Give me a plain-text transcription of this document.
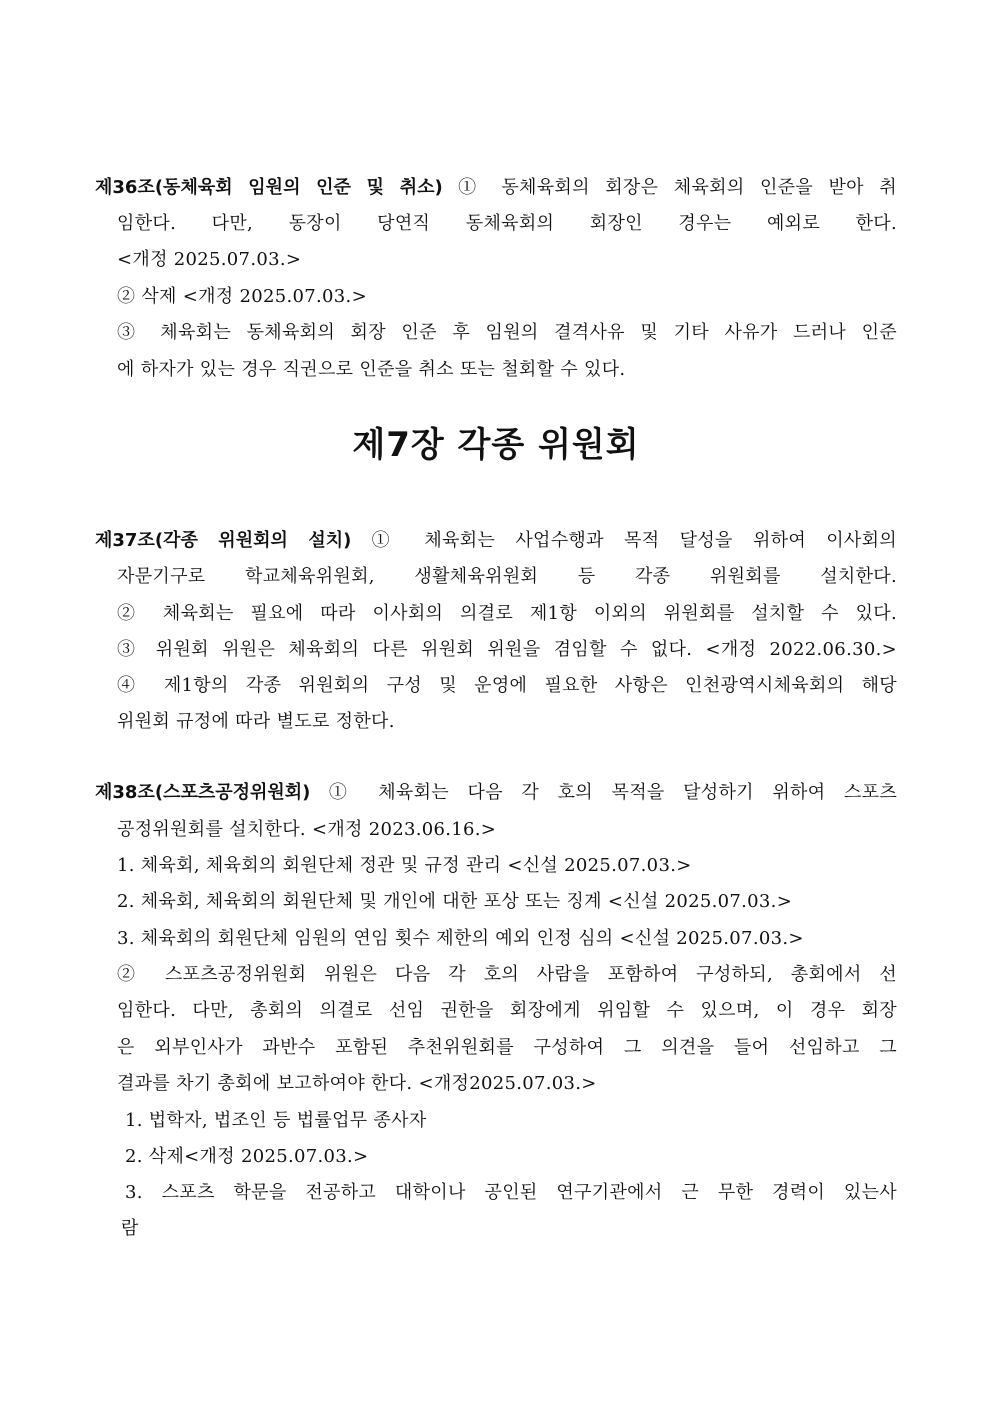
제36조(동체육회 임원의 인준 및 취소) ① 동체육회의 회장은 체육회의 인준을 받아 취
임한다. 다만, 동장이 당연직 동체육회의 회장인 경우는 예외로 한다.
<개정 2025.07.03.>
② 삭제 <개정 2025.07.03.>
③ 체육회는 동체육회의 회장 인준 후 임원의 결격사유 및 기타 사유가 드러나 인준
에 하자가 있는 경우 직권으로 인준을 취소 또는 철회할 수 있다.
제7장 각종 위원회
제37조(각종 위원회의 설치) ① 체육회는 사업수행과 목적 달성을 위하여 이사회의
자문기구로 학교체육위원회, 생활체육위원회 등 각종 위원회를 설치한다.
② 체육회는 필요에 따라 이사회의 의결로 제1항 이외의 위원회를 설치할 수 있다.
③ 위원회 위원은 체육회의 다른 위원회 위원을 겸임할 수 없다. <개정 2022.06.30.>
④ 제1항의 각종 위원회의 구성 및 운영에 필요한 사항은 인천광역시체육회의 해당
위원회 규정에 따라 별도로 정한다.
제38조(스포츠공정위원회) ① 체육회는 다음 각 호의 목적을 달성하기 위하여 스포츠
공정위원회를 설치한다. <개정 2023.06.16.>
1. 체육회, 체육회의 회원단체 정관 및 규정 관리 <신설 2025.07.03.>
2. 체육회, 체육회의 회원단체 및 개인에 대한 포상 또는 징계 <신설 2025.07.03.>
3. 체육회의 회원단체 임원의 연임 횟수 제한의 예외 인정 심의 <신설 2025.07.03.>
② 스포츠공정위원회 위원은 다음 각 호의 사람을 포함하여 구성하되, 총회에서 선
임한다. 다만, 총회의 의결로 선임 권한을 회장에게 위임할 수 있으며, 이 경우 회장
은 외부인사가 과반수 포함된 추천위원회를 구성하여 그 의견을 들어 선임하고 그
결과를 차기 총회에 보고하여야 한다. <개정2025.07.03.>
1. 법학자, 법조인 등 법률업무 종사자
2. 삭제<개정 2025.07.03.>
3. 스포츠 학문을 전공하고 대학이나 공인된 연구기관에서 근 무한 경력이 있는사
람
